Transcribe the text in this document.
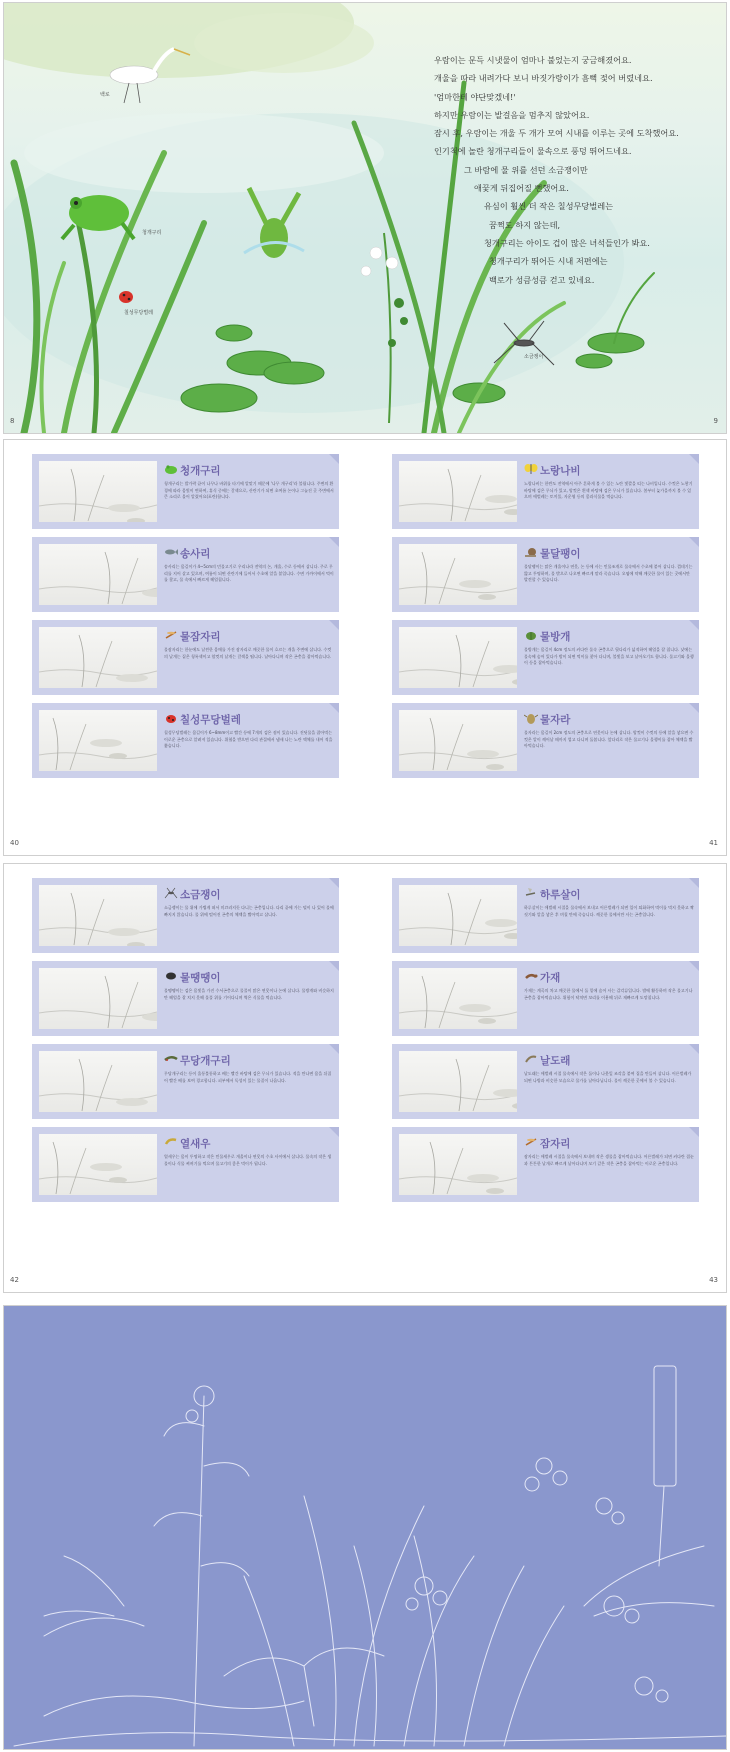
우람이는 문득 시냇물이 엄마나 불었는지 궁금해졌어요.

개울을 따라 내려가다 보니 바짓가랑이가 흠뻑 젖어 버렸네요.

'엄마한테 야단맞겠네!'

하지만 우람이는 발걸음을 멈추지 않았어요.

잠시 후, 우람이는 개울 두 개가 모여 시내를 이루는 곳에 도착했어요.

인기척에 놀란 청개구리들이 물속으로 풍덩 뛰어드네요.

그 바람에 물 위를 선던 소금쟁이만

애꿎게 뒤집어질 뻔했어요.

유심이 훨씬 더 작은 칠성무당벌레는

꿈쩍도 하지 않는데,

청개구리는 아이도 겁이 많은 녀석들인가 봐요.

청개구리가 뛰어든 시내 저편에는

백로가 성큼성큼 걷고 있네요.

백로
청개구리
칠성무당벌레
소금쟁이
8	9
청개구리
청개구리는 발가락 끝이 나무나 바위를 타기에 알맞기 때문에 '나무 개구리'라 불립니다. 주변의 환경에 따라 몸빛이 변하여, 휴식 중에는 갈색으로, 산란기가 되면 초여름 논이나 그늘진 곳 주변에서 큰 소리로 울어 알렸어요(포란)합니다.
노랑나비
노랑나비는 한반도 전역에서 아주 흔하게 볼 수 있는 노란 빛깔을 띠는 나비입니다. 수컷은 노랗기 바탕에 검은 무늬가 있고, 암컷은 흰색 바탕에 검은 무늬가 있습니다. 봄부터 늦가을까지 볼 수 있으며 애벌레는 토끼풀, 자운영 등의 콩과식물을 먹습니다.
송사리
송사리는 몸길이가 4~5cm의 민물고기로 우리나라 전역의 논, 개울, 수로 등에서 삽니다. 주로 무리를 지어 살고 있으며, 여름이 되면 산란기에 들어서 수초에 알을 붙입니다. 수면 가까이에서 먹이를 찾고, 물 속에서 빠르게 헤엄칩니다.
물달팽이
물달팽이는 맑은 개울이나 연못, 논 등에 사는 민물조개로 물속에서 수초에 붙어 삽니다. 껍데기는 얇고 투명하며, 물 밖으로 나오면 빠르게 말라 죽습니다. 오염에 약해 깨끗한 물이 있는 곳에서만 발견할 수 있습니다.
물잠자리
물잠자리는 한눈에도 날씬한 몸매를 가진 잠자리로 깨끗한 물이 흐르는 개울 주변에 삽니다. 수컷의 날개는 짙은 청록색이고 암컷의 날개는 갈색을 띱니다. 날아다니며 작은 곤충을 잡아먹습니다.
물방개
물방개는 몸길이 4cm 정도의 커다란 물속 곤충으로 뒷다리가 넓적하여 헤엄을 잘 칩니다. 낮에는 물속에 숨어 있다가 밤이 되면 먹이를 찾아 다니며, 불빛을 보고 날아오기도 합니다. 물고기와 올챙이 등을 잡아먹습니다.
칠성무당벌레
칠성무당벌레는 몸길이가 6~8mm이고 빨간 등에 7개의 검은 점이 있습니다. 진딧물을 잡아먹는 이로운 곤충으로 알려져 있습니다. 위협을 받으면 다리 관절에서 냄새 나는 노란 액체를 내어 적을 쫓습니다.
물자라
물자라는 몸길이 2cm 정도의 곤충으로 연못이나 논에 삽니다. 암컷이 수컷의 등에 알을 낳으면 수컷은 알이 깨어날 때까지 업고 다니며 돌봅니다. 앞다리로 작은 물고기나 올챙이를 잡아 체액을 빨아먹습니다.
40	41
소금쟁이
소금쟁이는 물 위에 가볍게 떠서 미끄러지듯 다니는 곤충입니다. 다리 끝에 가는 털이 나 있어 물에 빠지지 않습니다. 물 위에 떨어진 곤충의 체액을 빨아먹고 삽니다.
하루살이
하루살이는 애벌레 시절을 물속에서 보내고 어른벌레가 되면 입이 퇴화하여 먹이를 먹지 못하고 짝짓기와 알을 낳은 후 며칠 만에 죽습니다. 깨끗한 물에서만 사는 곤충입니다.
물땡땡이
물땡땡이는 검은 몸빛을 가진 수서곤충으로 물풀이 많은 연못이나 논에 삽니다. 물방개와 비슷하지만 헤엄을 잘 치지 못해 물풀 위를 기어다니며 썩은 식물을 먹습니다.
가재
가재는 계곡의 차고 깨끗한 물에서 돌 밑에 숨어 사는 갑각류입니다. 밤에 활동하며 작은 물고기나 곤충을 잡아먹습니다. 위험이 닥치면 꼬리를 이용해 뒤로 재빠르게 도망칩니다.
무당개구리
무당개구리는 등이 울퉁불퉁하고 배는 빨간 바탕에 검은 무늬가 있습니다. 적을 만나면 몸을 뒤집어 빨간 배를 보여 경고합니다. 피부에서 독성이 있는 물질이 나옵니다.
날도래
날도래는 애벌레 시절 물속에서 작은 돌이나 나뭇잎 조각을 붙여 집을 만들어 삽니다. 어른벌레가 되면 나방과 비슷한 모습으로 물가를 날아다닙니다. 물이 깨끗한 곳에서 볼 수 있습니다.
열새우
열새우는 몸이 투명하고 작은 민물새우로 개울이나 연못의 수초 사이에서 삽니다. 물속의 작은 생물이나 식물 찌꺼기를 먹으며 물고기의 좋은 먹이가 됩니다.
잠자리
잠자리는 애벌레 시절을 물속에서 보내며 작은 생물을 잡아먹습니다. 어른벌레가 되면 커다란 겹눈과 튼튼한 날개로 빠르게 날아다니며 모기 같은 작은 곤충을 잡아먹는 이로운 곤충입니다.
42	43
